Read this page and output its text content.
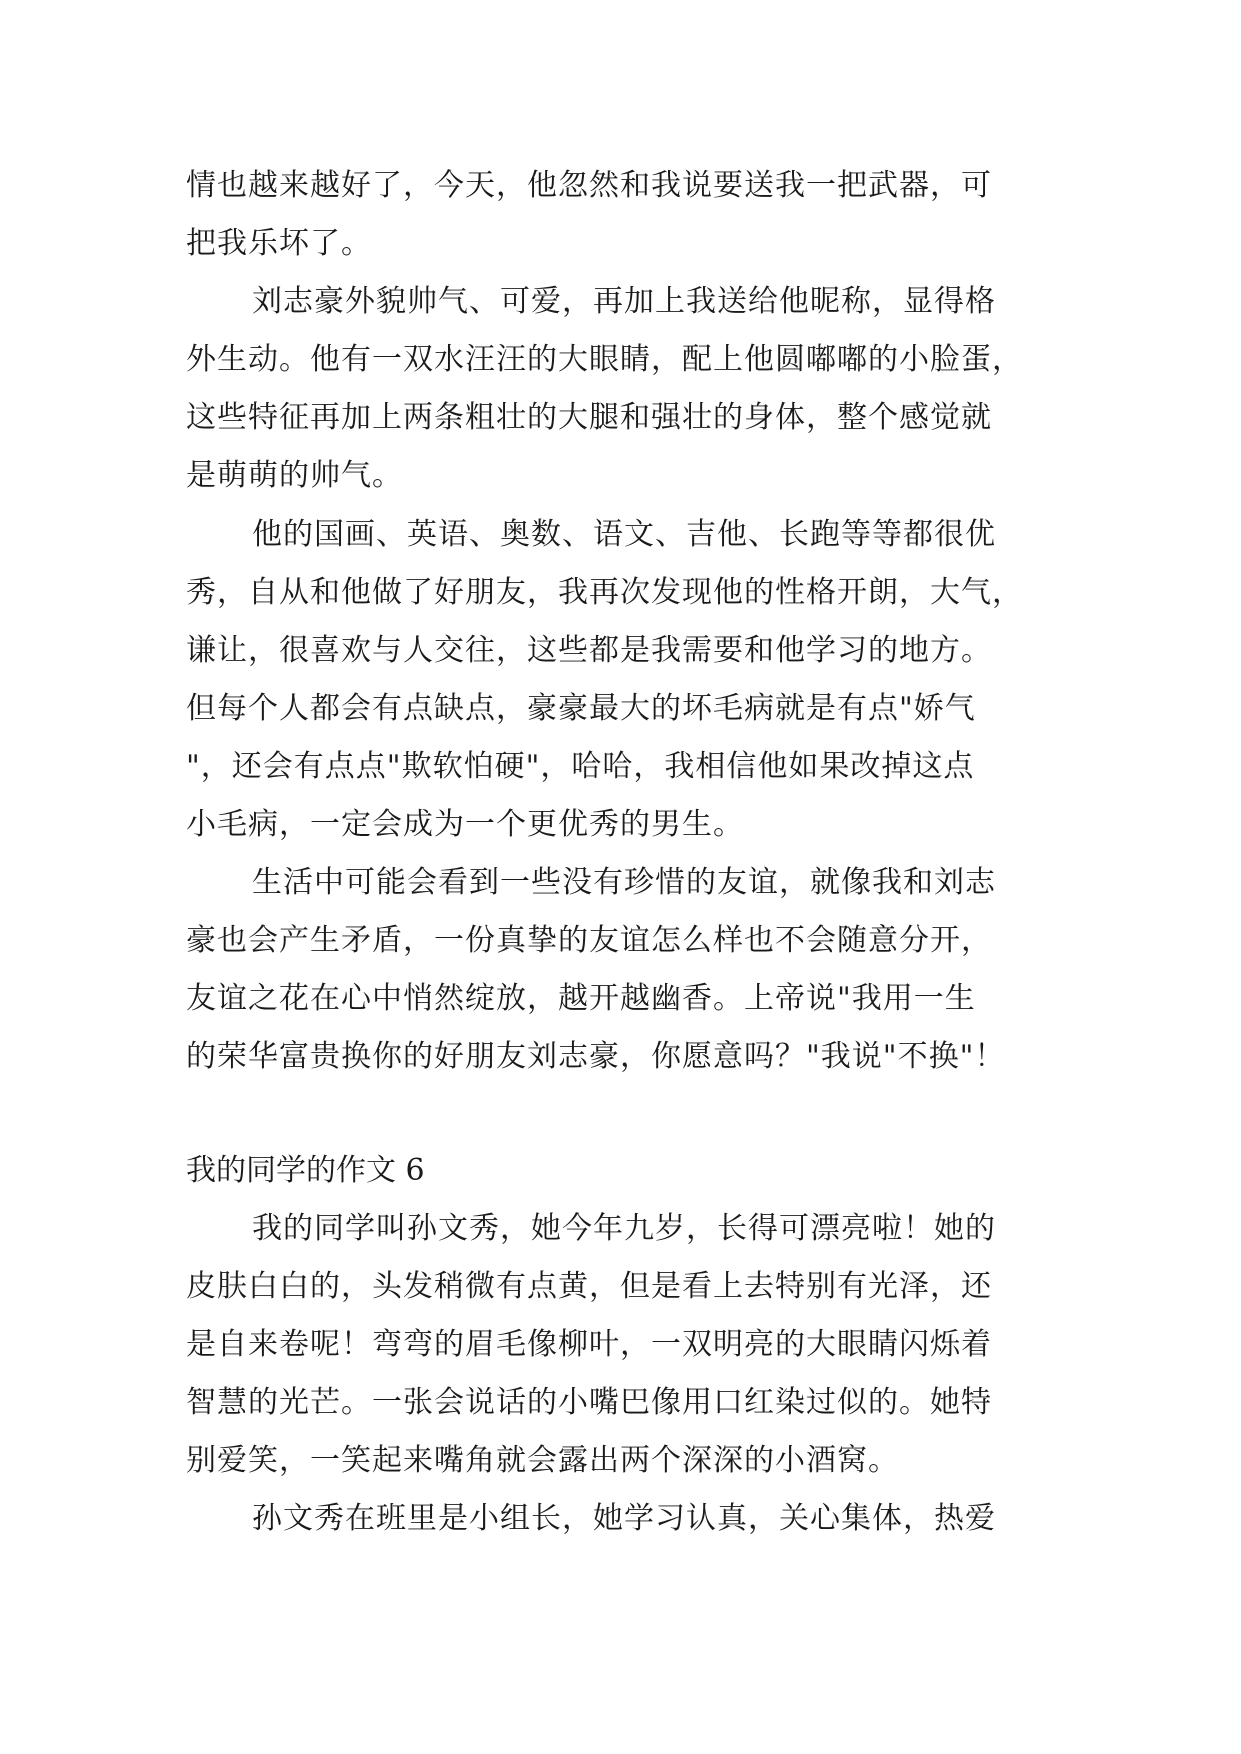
情也越来越好了，今天，他忽然和我说要送我一把武器，可
把我乐坏了。
刘志豪外貌帅气、可爱，再加上我送给他昵称，显得格
外生动。他有一双水汪汪的大眼睛，配上他圆嘟嘟的小脸蛋，
这些特征再加上两条粗壮的大腿和强壮的身体，整个感觉就
是萌萌的帅气。
他的国画、英语、奥数、语文、吉他、长跑等等都很优
秀，自从和他做了好朋友，我再次发现他的性格开朗，大气，
谦让，很喜欢与人交往，这些都是我需要和他学习的地方。
但每个人都会有点缺点，豪豪最大的坏毛病就是有点"娇气
"，还会有点点"欺软怕硬"，哈哈，我相信他如果改掉这点
小毛病，一定会成为一个更优秀的男生。
生活中可能会看到一些没有珍惜的友谊，就像我和刘志
豪也会产生矛盾，一份真挚的友谊怎么样也不会随意分开，
友谊之花在心中悄然绽放，越开越幽香。上帝说"我用一生
的荣华富贵换你的好朋友刘志豪，你愿意吗？"我说"不换"！
我的同学的作文 6
我的同学叫孙文秀，她今年九岁，长得可漂亮啦！她的
皮肤白白的，头发稍微有点黄，但是看上去特别有光泽，还
是自来卷呢！弯弯的眉毛像柳叶，一双明亮的大眼睛闪烁着
智慧的光芒。一张会说话的小嘴巴像用口红染过似的。她特
别爱笑，一笑起来嘴角就会露出两个深深的小酒窝。
孙文秀在班里是小组长，她学习认真，关心集体，热爱
